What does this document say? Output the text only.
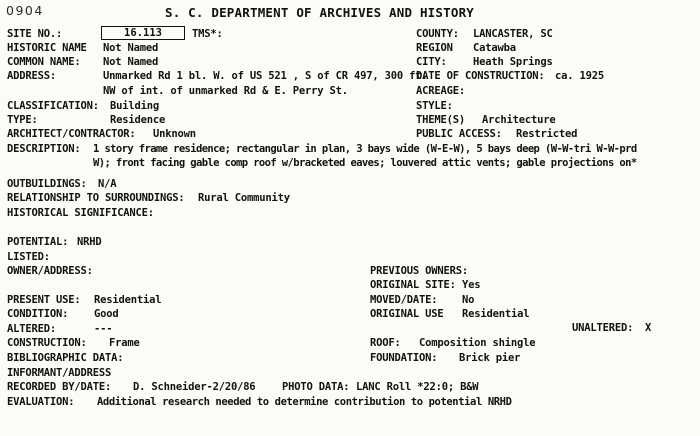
0904	S. C. DEPARTMENT OF ARCHIVES AND HISTORY
SITE NO.:	16.113	TMS*:	COUNTY: LANCASTER, SC
HISTORIC NAME Not Named	REGION Catawba
COMMON NAME: Not Named	CITY:	Heath Springs
ADDRESS:	Unmarked Rd 1 bl. W. of US 521 , S of CR 497, 300 ft.
DATE OF CONSTRUCTION: ca. 1925
NW of int. of unmarked Rd & E. Perry St.	ACREAGE:
CLASSIFICATION: Building	STYLE:
TYPE:	Residence	THEME(S) Architecture
ARCHITECT/CONTRACTOR: Unknown	PUBLIC ACCESS: Restricted
DESCRIPTION: 1 story frame residence; rectangular in plan, 3 bays wide (W-E-W), 5 bays deep (W-W-tri W-W-prd
W); front facing gable comp roof w/bracketed eaves; louvered attic vents; gable projections on*
OUTBUILDINGS: N/A
RELATIONSHIP TO SURROUNDINGS: Rural Community
HISTORICAL SIGNIFICANCE:
POTENTIAL: NRHD
LISTED:
OWNER/ADDRESS:	PREVIOUS OWNERS:
ORIGINAL SITE: Yes
PRESENT USE: Residential	MOVED/DATE: No
CONDITION: Good	ORIGINAL USE Residential
ALTERED:	---	UNALTERED: X
CONSTRUCTION: Frame	ROOF: Composition shingle
BIBLIOGRAPHIC DATA:	FOUNDATION: Brick pier
INFORMANT/ADDRESS
RECORDED BY/DATE: D. Schneider-2/20/86	PHOTO DATA: LANC Roll *22:0; B&W
EVALUATION: Additional research needed to determine contribution to potential NRHD
